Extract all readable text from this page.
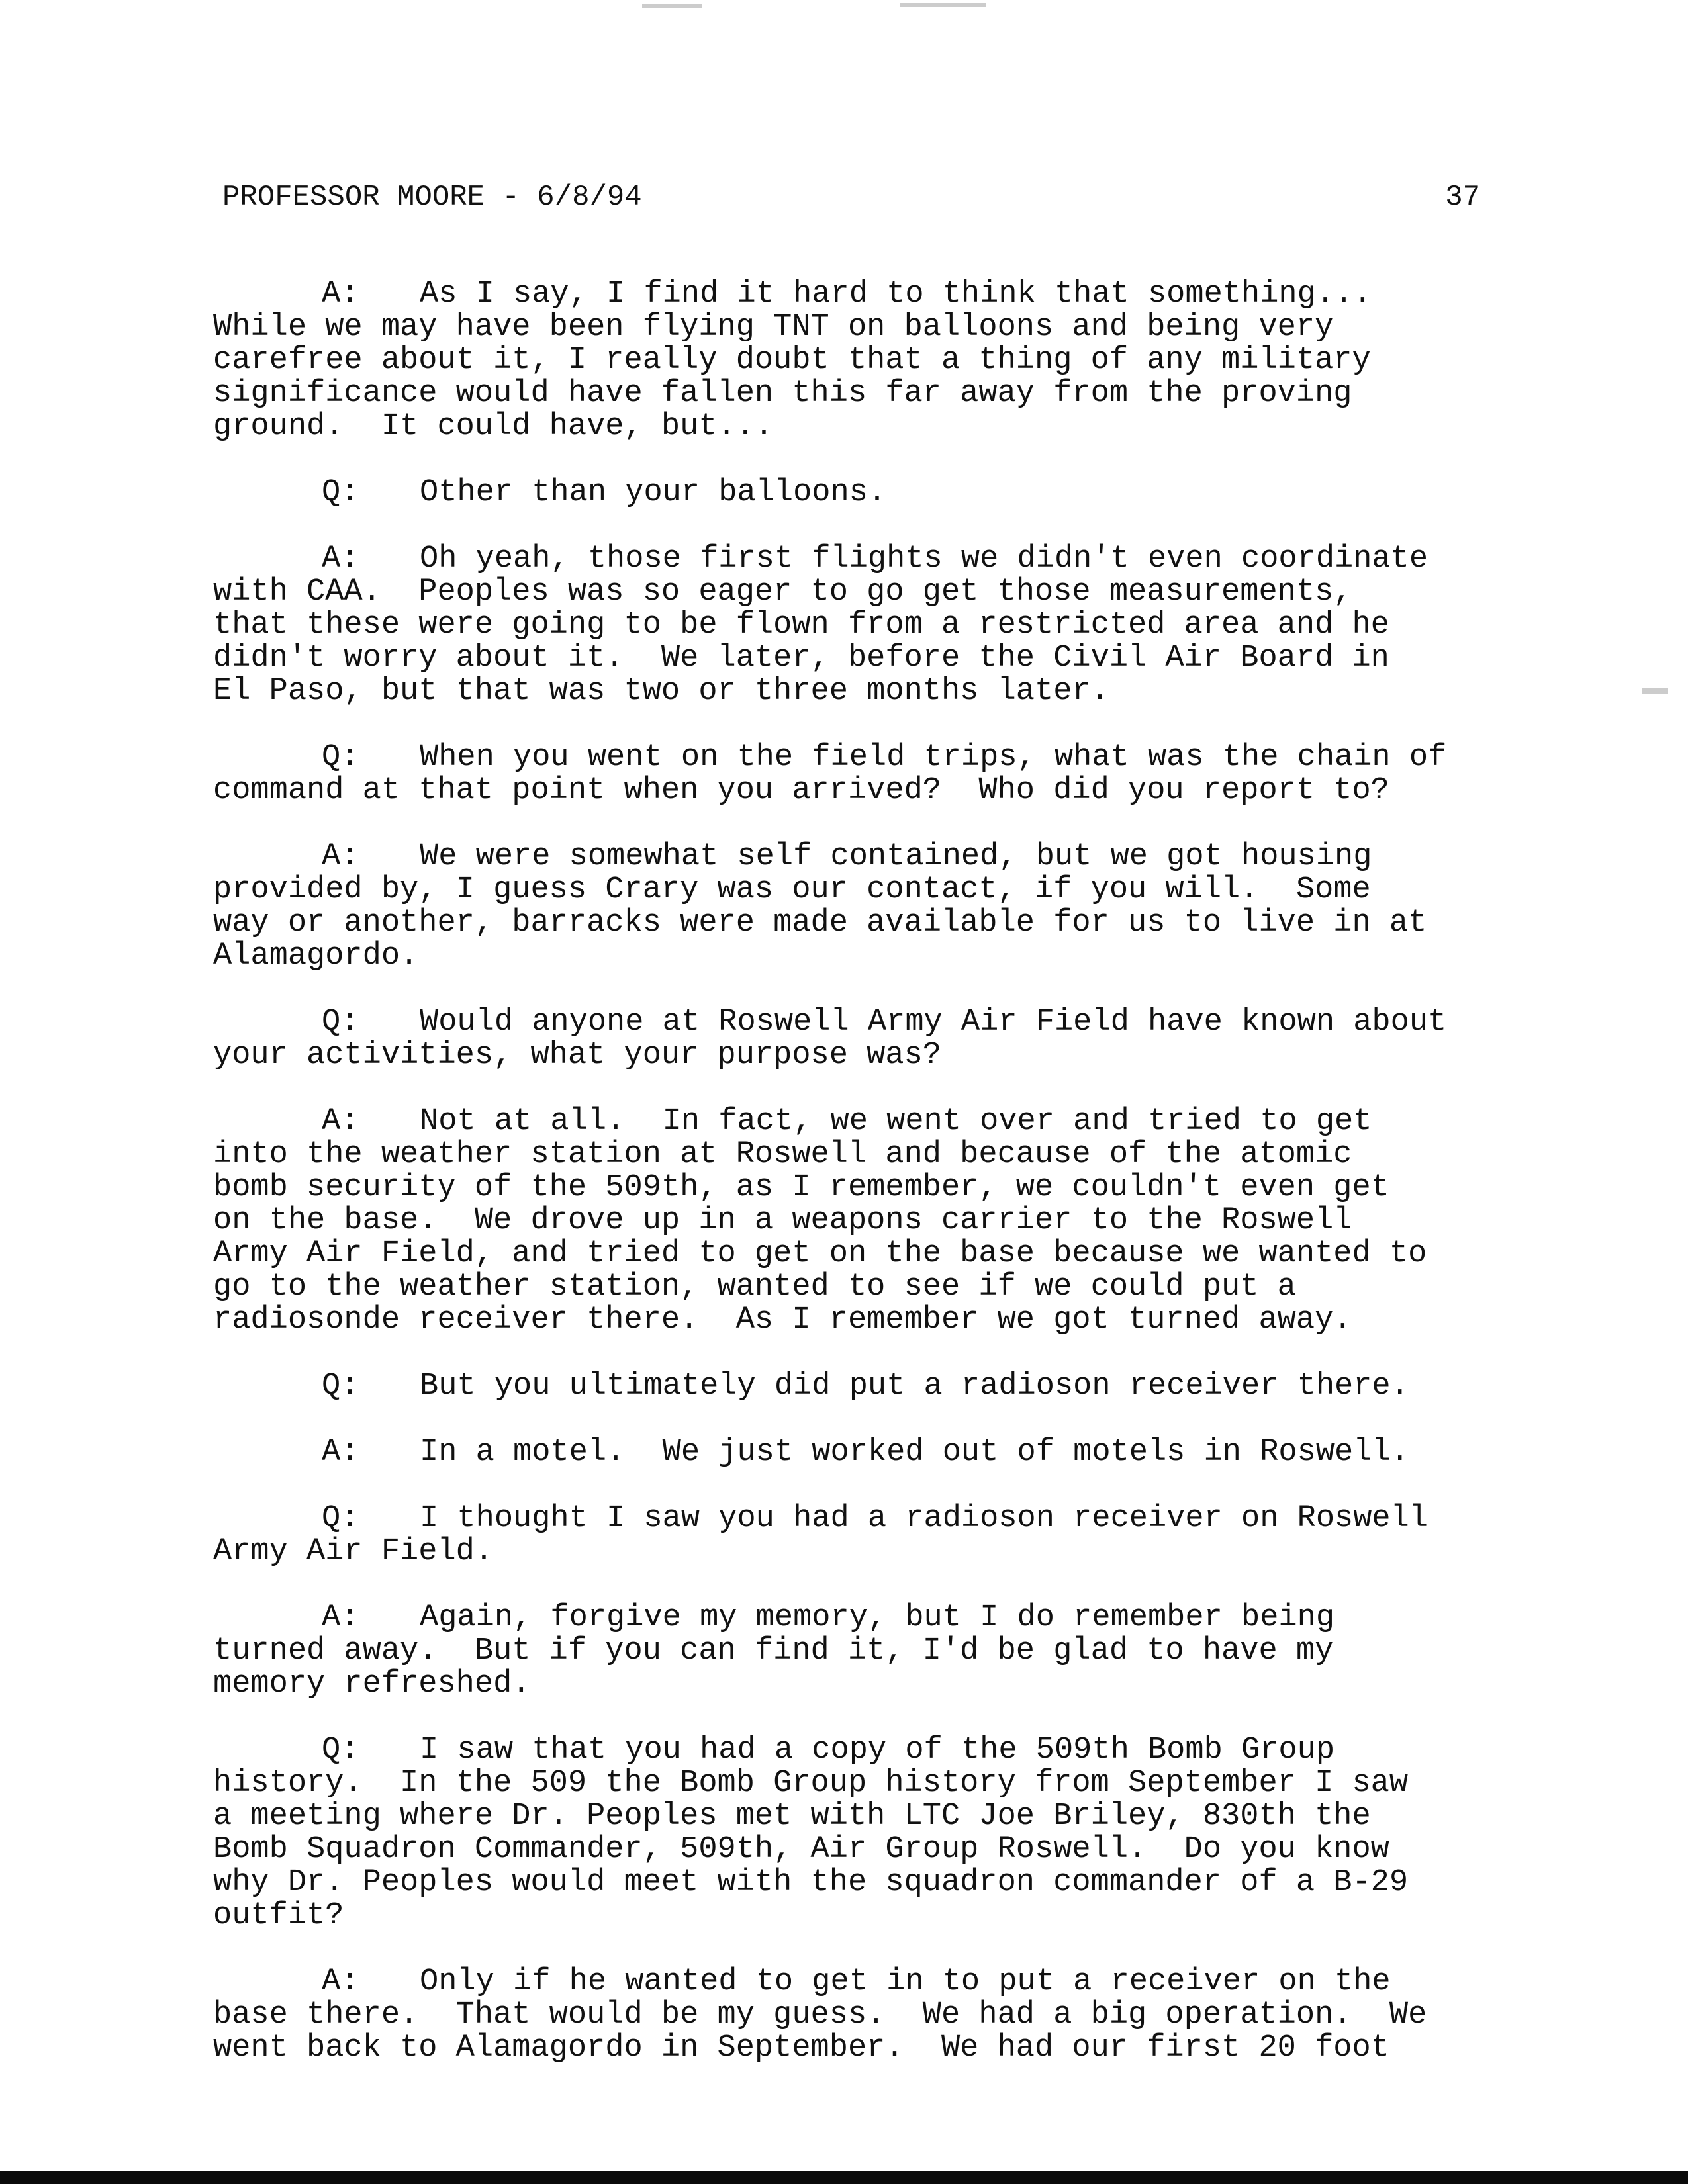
PROFESSOR MOORE - 6/8/94	37
A: As I say, I find it hard to think that something...
While we may have been flying TNT on balloons and being very
carefree about it, I really doubt that a thing of any military
significance would have fallen this far away from the proving
ground.  It could have, but...
Q: Other than your balloons.
A: Oh yeah, those first flights we didn't even coordinate
with CAA.  Peoples was so eager to go get those measurements,
that these were going to be flown from a restricted area and he
didn't worry about it.  We later, before the Civil Air Board in
El Paso, but that was two or three months later.
Q: When you went on the field trips, what was the chain of
command at that point when you arrived?  Who did you report to?
A: We were somewhat self contained, but we got housing
provided by, I guess Crary was our contact, if you will.  Some
way or another, barracks were made available for us to live in at
Alamagordo.
Q: Would anyone at Roswell Army Air Field have known about
your activities, what your purpose was?
A: Not at all.  In fact, we went over and tried to get
into the weather station at Roswell and because of the atomic
bomb security of the 509th, as I remember, we couldn't even get
on the base.  We drove up in a weapons carrier to the Roswell
Army Air Field, and tried to get on the base because we wanted to
go to the weather station, wanted to see if we could put a
radiosonde receiver there.  As I remember we got turned away.
Q: But you ultimately did put a radioson receiver there.
A: In a motel.  We just worked out of motels in Roswell.
Q: I thought I saw you had a radioson receiver on Roswell
Army Air Field.
A: Again, forgive my memory, but I do remember being
turned away.  But if you can find it, I'd be glad to have my
memory refreshed.
Q: I saw that you had a copy of the 509th Bomb Group
history.  In the 509 the Bomb Group history from September I saw
a meeting where Dr. Peoples met with LTC Joe Briley, 830th the
Bomb Squadron Commander, 509th, Air Group Roswell.  Do you know
why Dr. Peoples would meet with the squadron commander of a B-29
outfit?
A: Only if he wanted to get in to put a receiver on the
base there.  That would be my guess.  We had a big operation.  We
went back to Alamagordo in September.  We had our first 20 foot
